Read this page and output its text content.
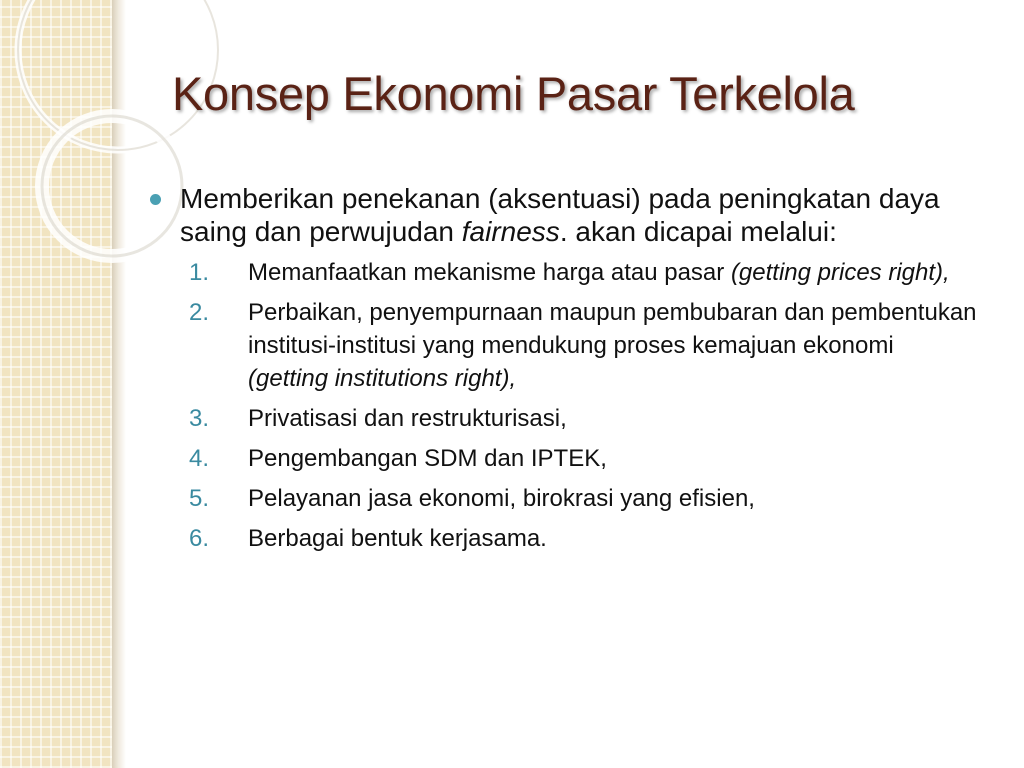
Konsep Ekonomi Pasar Terkelola
Memberikan penekanan (aksentuasi) pada peningkatan daya saing dan perwujudan fairness. akan dicapai melalui:
1. Memanfaatkan mekanisme harga atau pasar (getting prices right),
2. Perbaikan, penyempurnaan maupun pembubaran dan pembentukan institusi-institusi yang mendukung proses kemajuan ekonomi (getting institutions right),
3. Privatisasi dan restrukturisasi,
4. Pengembangan SDM dan IPTEK,
5. Pelayanan jasa ekonomi, birokrasi yang efisien,
6. Berbagai bentuk kerjasama.
